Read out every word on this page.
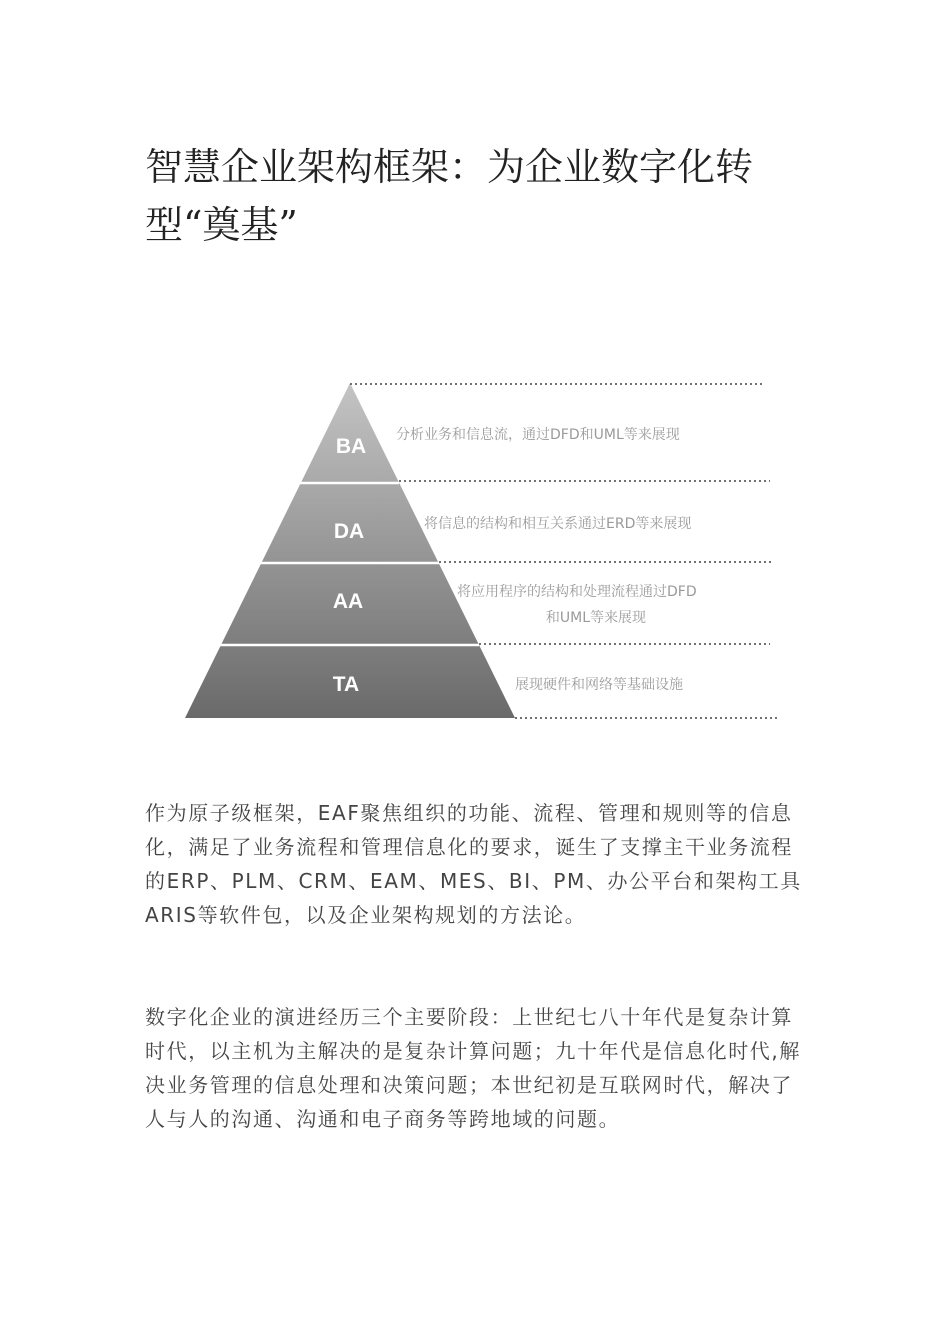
智慧企业架构框架：为企业数字化转型“奠基”
BA
DA
AA
TA
分析业务和信息流，通过DFD和UML等来展现
将信息的结构和相互关系通过ERD等来展现
将应用程序的结构和处理流程通过DFD
和UML等来展现
展现硬件和网络等基础设施

作为原子级框架，EAF聚焦组织的功能、流程、管理和规则等的信息化，满足了业务流程和管理信息化的要求，诞生了支撑主干业务流程的ERP、PLM、CRM、EAM、MES、BI、PM、办公平台和架构工具ARIS等软件包，以及企业架构规划的方法论。

数字化企业的演进经历三个主要阶段：上世纪七八十年代是复杂计算时代，以主机为主解决的是复杂计算问题；九十年代是信息化时代,解决业务管理的信息处理和决策问题；本世纪初是互联网时代，解决了人与人的沟通、沟通和电子商务等跨地域的问题。
